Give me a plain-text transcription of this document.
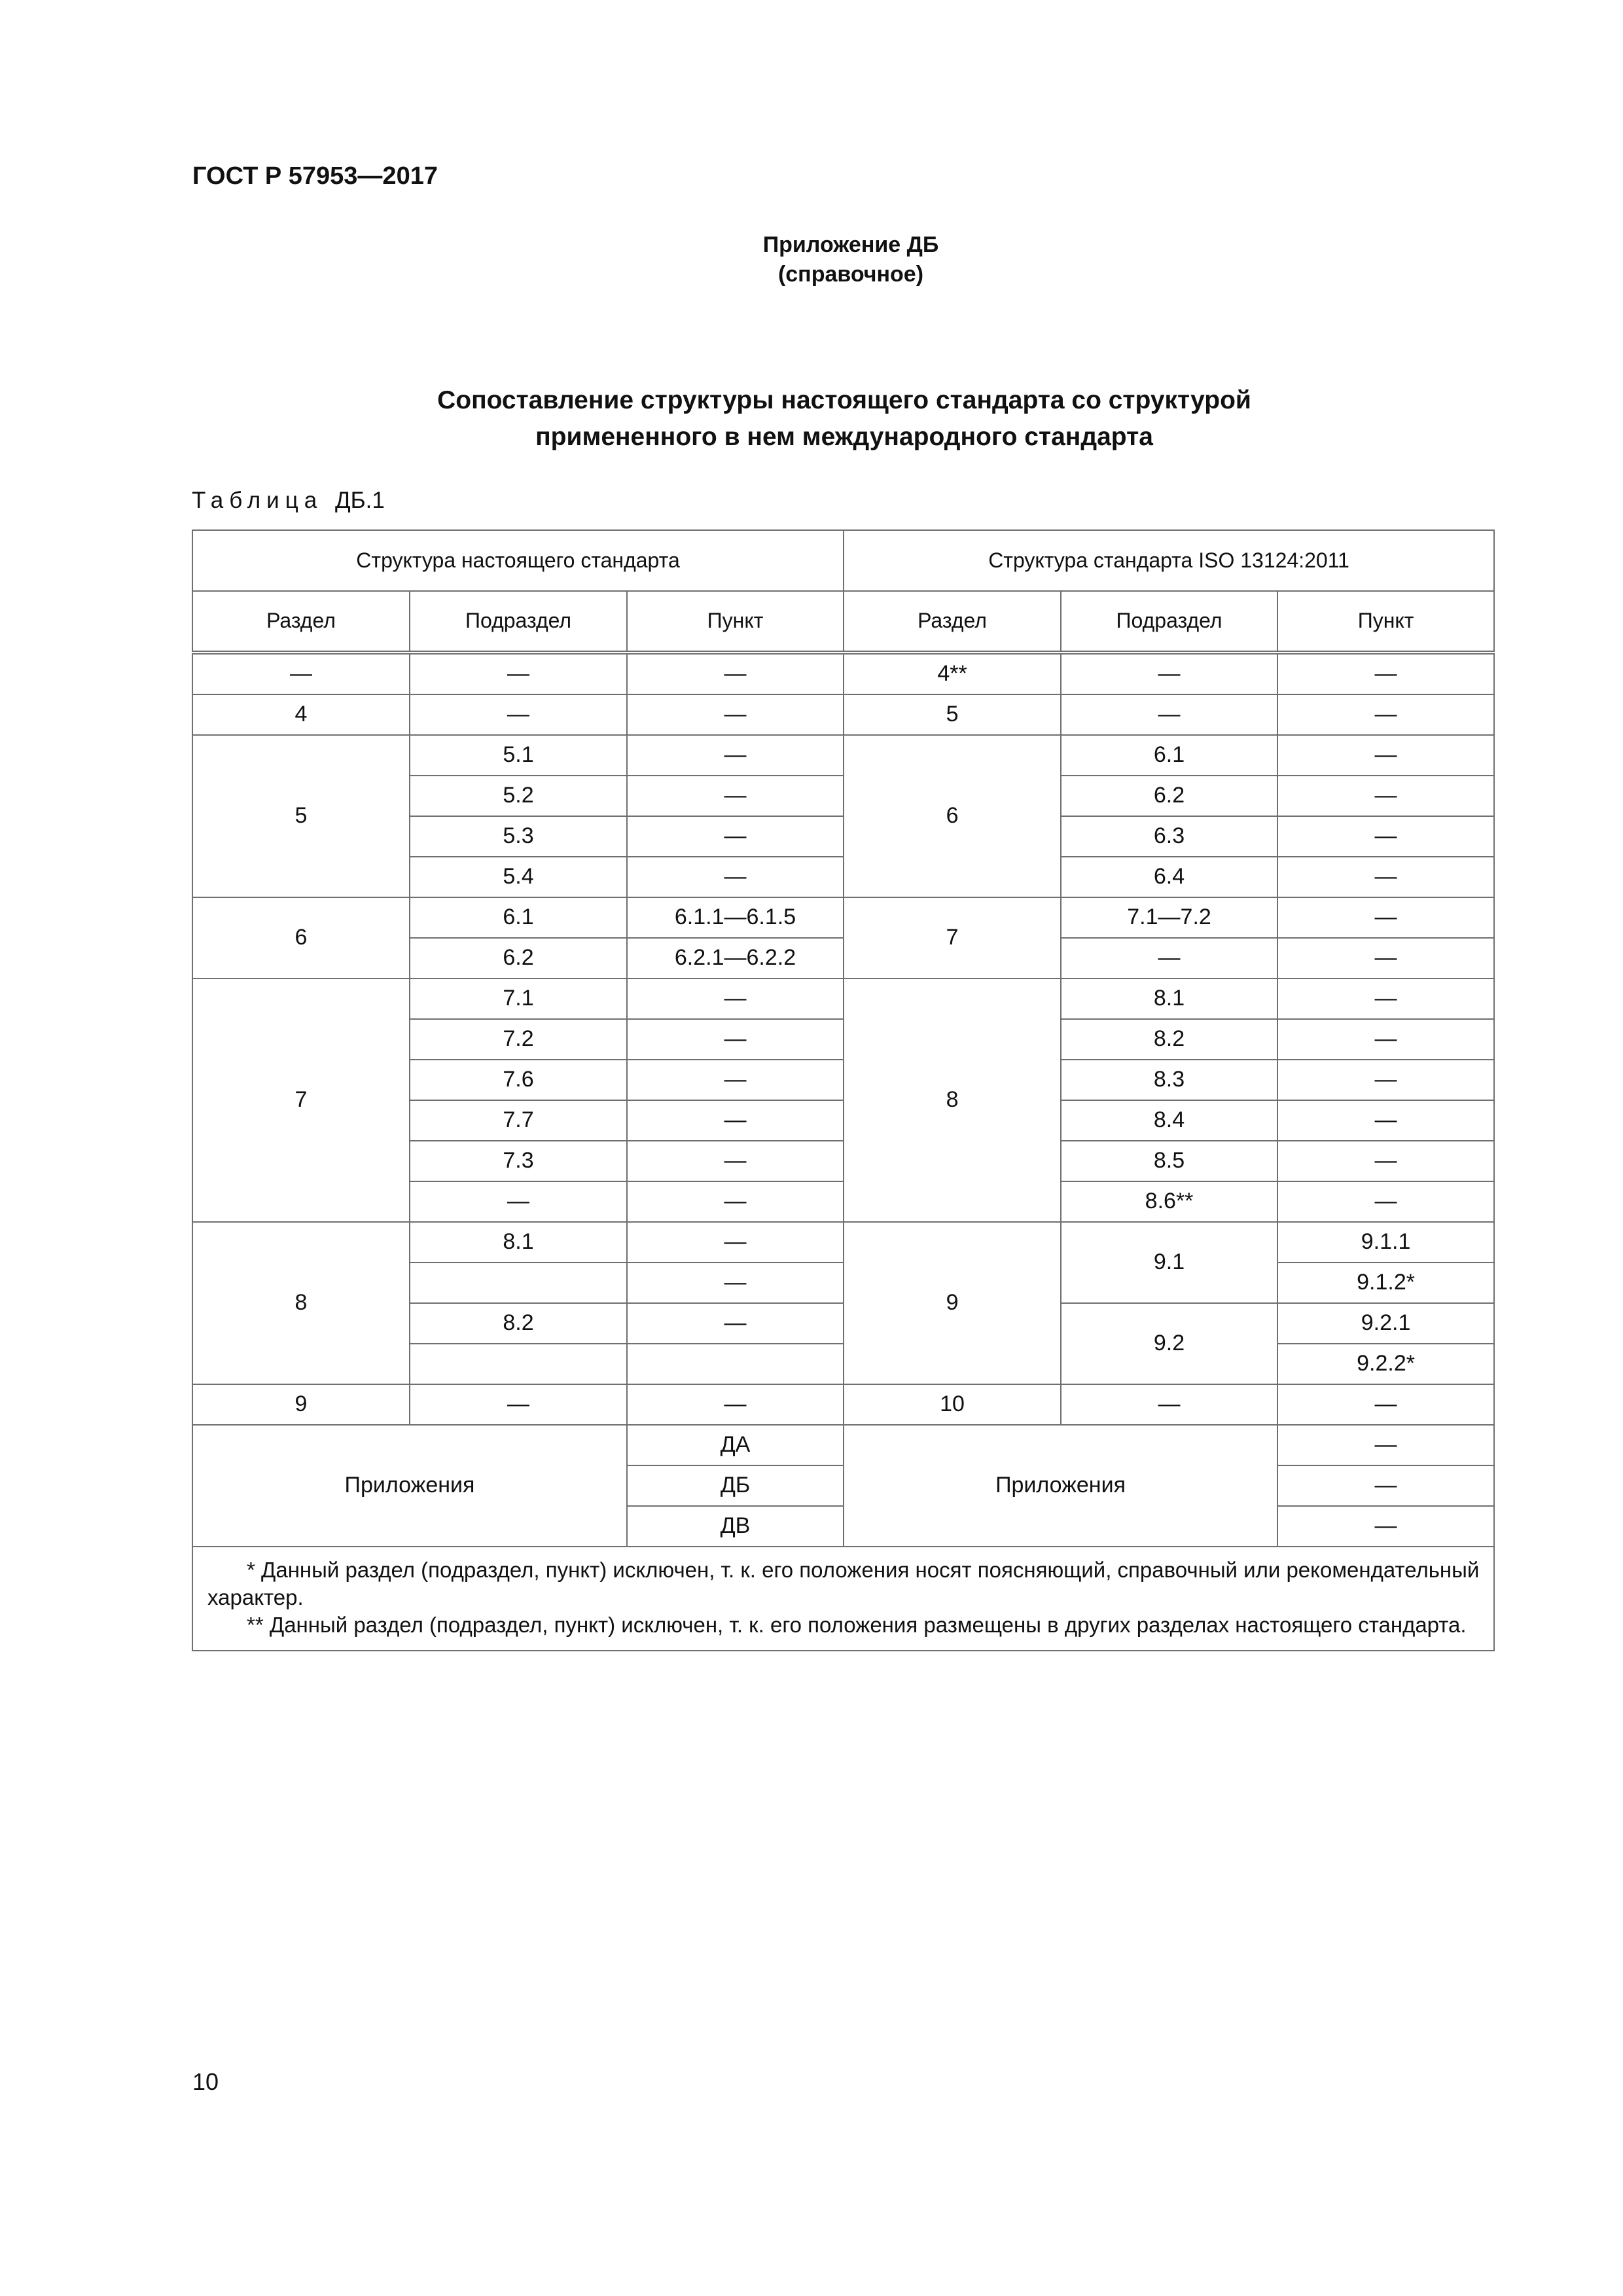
ГОСТ Р 57953—2017
Приложение ДБ
(справочное)
Сопоставление структуры настоящего стандарта со структурой
примененного в нем международного стандарта
Таблица ДБ.1
Структура настоящего стандарта			Структура стандарта ISO 13124:2011		
Раздел	Подраздел	Пункт	Раздел	Подраздел	Пункт
—	—	—	4**	—	—
4	—	—	5	—	—
5	5.1	—	6	6.1	—
	5.2	—		6.2	—
	5.3	—		6.3	—
	5.4	—		6.4	—
6	6.1	6.1.1—6.1.5	7	7.1—7.2	—
	6.2	6.2.1—6.2.2		—	—
7	7.1	—	8	8.1	—
	7.2	—		8.2	—
	7.6	—		8.3	—
	7.7	—		8.4	—
	7.3	—		8.5	—
	—	—		8.6**	—
8	8.1	—	9	9.1	9.1.1
		—			9.1.2*
	8.2	—		9.2	9.2.1
					9.2.2*
9	—	—	10	—	—
Приложения		ДА	Приложения		—
		ДБ			—
		ДВ			—

* Данный раздел (подраздел, пункт) исключен, т. к. его положения носят поясняющий, справочный или рекомендательный характер.

** Данный раздел (подраздел, пункт) исключен, т. к. его положения размещены в других разделах настоящего стандарта.					

10
